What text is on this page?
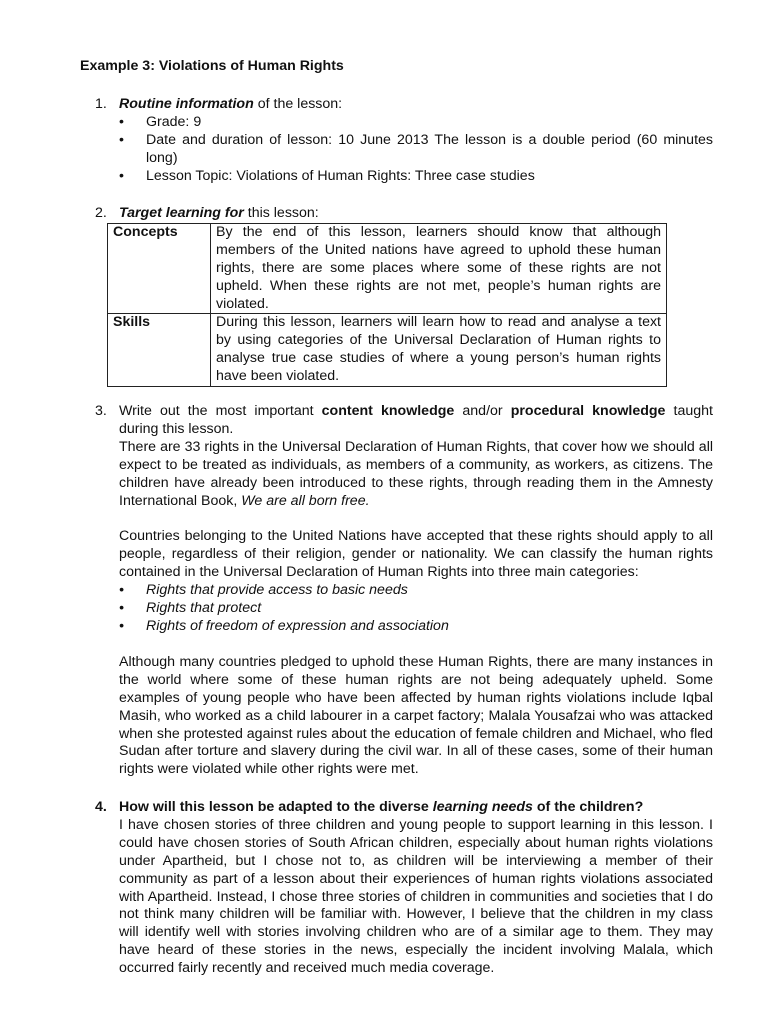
Example 3: Violations of Human Rights
1. Routine information of the lesson:
• Grade: 9
• Date and duration of lesson: 10 June 2013 The lesson is a double period (60 minutes long)
• Lesson Topic: Violations of Human Rights: Three case studies
2. Target learning for this lesson:
Concepts	By the end of this lesson, learners should know that although members of the United nations have agreed to uphold these human rights, there are some places where some of these rights are not upheld. When these rights are not met, people’s human rights are violated.
Skills	During this lesson, learners will learn how to read and analyse a text by using categories of the Universal Declaration of Human rights to analyse true case studies of where a young person’s human rights have been violated.
3. Write out the most important content knowledge and/or procedural knowledge taught during this lesson.

There are 33 rights in the Universal Declaration of Human Rights, that cover how we should all expect to be treated as individuals, as members of a community, as workers, as citizens. The children have already been introduced to these rights, through reading them in the Amnesty International Book, We are all born free.

Countries belonging to the United Nations have accepted that these rights should apply to all people, regardless of their religion, gender or nationality. We can classify the human rights contained in the Universal Declaration of Human Rights into three main categories:

• Rights that provide access to basic needs
• Rights that protect
• Rights of freedom of expression and association

Although many countries pledged to uphold these Human Rights, there are many instances in the world where some of these human rights are not being adequately upheld. Some examples of young people who have been affected by human rights violations include Iqbal Masih, who worked as a child labourer in a carpet factory; Malala Yousafzai who was attacked when she protested against rules about the education of female children and Michael, who fled Sudan after torture and slavery during the civil war. In all of these cases, some of their human rights were violated while other rights were met.

4. How will this lesson be adapted to the diverse learning needs of the children?

I have chosen stories of three children and young people to support learning in this lesson. I could have chosen stories of South African children, especially about human rights violations under Apartheid, but I chose not to, as children will be interviewing a member of their community as part of a lesson about their experiences of human rights violations associated with Apartheid. Instead, I chose three stories of children in communities and societies that I do not think many children will be familiar with. However, I believe that the children in my class will identify well with stories involving children who are of a similar age to them. They may have heard of these stories in the news, especially the incident involving Malala, which occurred fairly recently and received much media coverage.
